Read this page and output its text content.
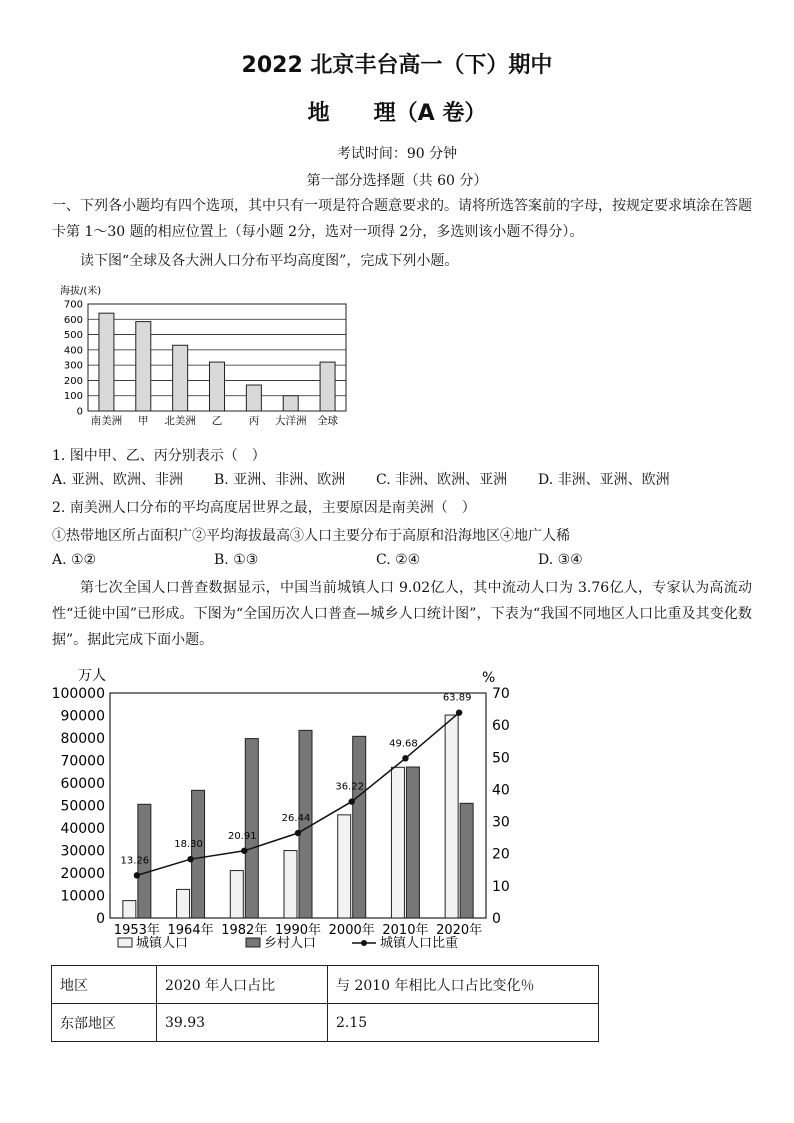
2022 北京丰台高一（下）期中
地　　理（A 卷）
考试时间：90 分钟
第一部分选择题（共 60 分）
一、下列各小题均有四个选项，其中只有一项是符合题意要求的。请将所选答案前的字母，按规定要求填涂在答题卡第 1～30 题的相应位置上（每小题 2分，选对一项得 2分，多选则该小题不得分）。
读下图“全球及各大洲人口分布平均高度图”，完成下列小题。
海拔/(米)
700
600
500
400
300
200
100
0
南美洲 甲 北美洲 乙	丙 大洋洲 全球
1. 图中甲、乙、丙分别表示（　）
A. 亚洲、欧洲、非洲 B. 亚洲、非洲、欧洲 C. 非洲、欧洲、亚洲 D. 非洲、亚洲、欧洲
2. 南美洲人口分布的平均高度居世界之最，主要原因是南美洲（　）
①热带地区所占面积广②平均海拔最高③人口主要分布于高原和沿海地区④地广人稀
A. ①②	B. ①③	C. ②④	D. ③④
第七次全国人口普查数据显示，中国当前城镇人口 9.02亿人，其中流动人口为 3.76亿人，专家认为高流动性“迁徙中国”已形成。下图为“全国历次人口普查—城乡人口统计图”，下表为“我国不同地区人口比重及其变化数据”。据此完成下面小题。
万人	%
100000
90000
80000
70000
60000
50000
40000
30000
20000
10000
0
70
60
50
40
30
20
10
0
13.26
18.30
20.91
26.44
36.22
49.68
63.89
1953年 1964年 1982年 1990年 2000年 2010年 2020年
城镇人口	乡村人口	城镇人口比重
地区	2020 年人口占比	与 2010 年相比人口占比变化％
东部地区	39.93	2.15
